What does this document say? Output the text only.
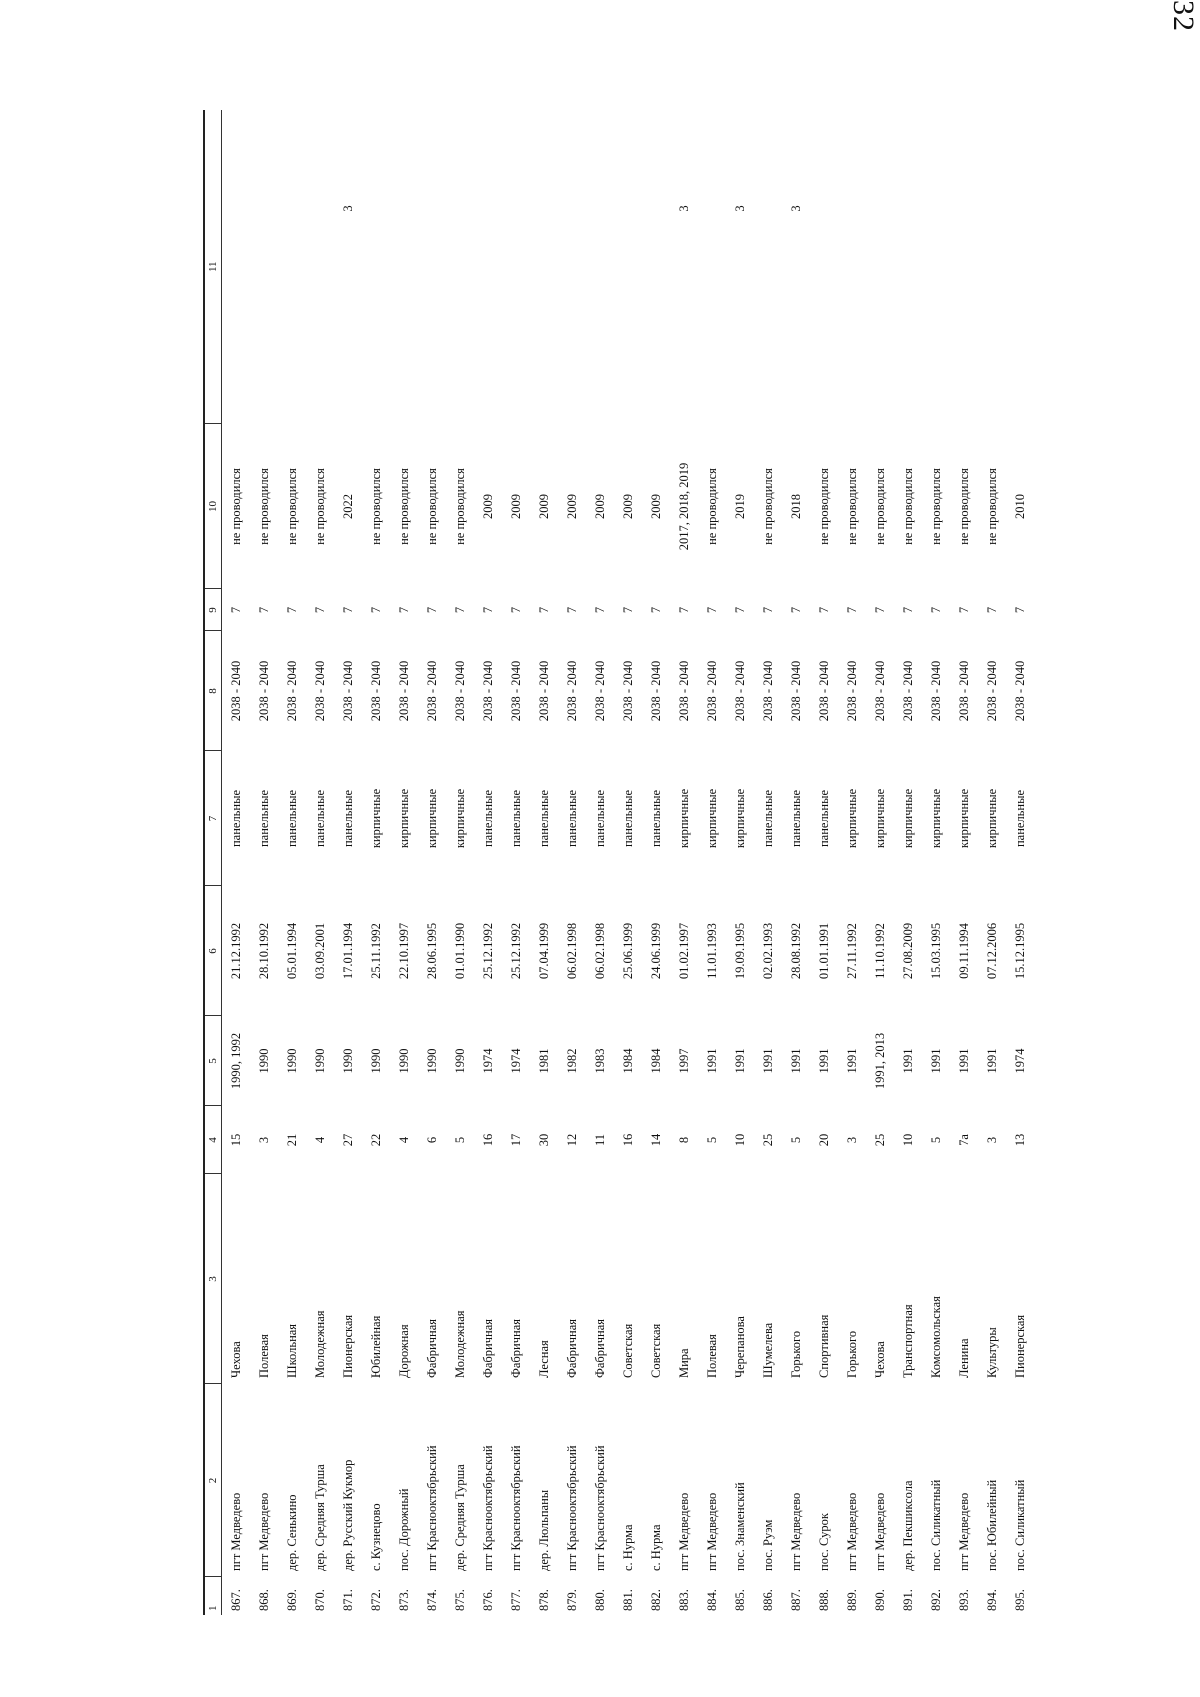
32
1	2	3	4	5	6	7	8	9	10	11
867.	пгт Медведево	Чехова	15	1990, 1992	21.12.1992	панельные	2038 - 2040	7	не проводился	
868.	пгт Медведево	Полевая	3	1990	28.10.1992	панельные	2038 - 2040	7	не проводился	
869.	дер. Сенькино	Школьная	21	1990	05.01.1994	панельные	2038 - 2040	7	не проводился	
870.	дер. Средняя Турша	Молодежная	4	1990	03.09.2001	панельные	2038 - 2040	7	не проводился	
871.	дер. Русский Кукмор	Пионерская	27	1990	17.01.1994	панельные	2038 - 2040	7	2022	3
872.	с. Кузнецово	Юбилейная	22	1990	25.11.1992	кирпичные	2038 - 2040	7	не проводился	
873.	пос. Дорожный	Дорожная	4	1990	22.10.1997	кирпичные	2038 - 2040	7	не проводился	
874.	пгт Краснооктябрьский	Фабричная	6	1990	28.06.1995	кирпичные	2038 - 2040	7	не проводился	
875.	дер. Средняя Турша	Молодежная	5	1990	01.01.1990	кирпичные	2038 - 2040	7	не проводился	
876.	пгт Краснооктябрьский	Фабричная	16	1974	25.12.1992	панельные	2038 - 2040	7	2009	
877.	пгт Краснооктябрьский	Фабричная	17	1974	25.12.1992	панельные	2038 - 2040	7	2009	
878.	дер. Люльпаны	Лесная	30	1981	07.04.1999	панельные	2038 - 2040	7	2009	
879.	пгт Краснооктябрьский	Фабричная	12	1982	06.02.1998	панельные	2038 - 2040	7	2009	
880.	пгт Краснооктябрьский	Фабричная	11	1983	06.02.1998	панельные	2038 - 2040	7	2009	
881.	с. Нурма	Советская	16	1984	25.06.1999	панельные	2038 - 2040	7	2009	
882.	с. Нурма	Советская	14	1984	24.06.1999	панельные	2038 - 2040	7	2009	
883.	пгт Медведево	Мира	8	1997	01.02.1997	кирпичные	2038 - 2040	7	2017, 2018, 2019	3
884.	пгт Медведево	Полевая	5	1991	11.01.1993	кирпичные	2038 - 2040	7	не проводился	
885.	пос. Знаменский	Черепанова	10	1991	19.09.1995	кирпичные	2038 - 2040	7	2019	3
886.	пос. Руэм	Шумелева	25	1991	02.02.1993	панельные	2038 - 2040	7	не проводился	
887.	пгт Медведево	Горького	5	1991	28.08.1992	панельные	2038 - 2040	7	2018	3
888.	пос. Сурок	Спортивная	20	1991	01.01.1991	панельные	2038 - 2040	7	не проводился	
889.	пгт Медведево	Горького	3	1991	27.11.1992	кирпичные	2038 - 2040	7	не проводился	
890.	пгт Медведево	Чехова	25	1991, 2013	11.10.1992	кирпичные	2038 - 2040	7	не проводился	
891.	дер. Пекшиксола	Транспортная	10	1991	27.08.2009	кирпичные	2038 - 2040	7	не проводился	
892.	пос. Силикатный	Комсомольская	5	1991	15.03.1995	кирпичные	2038 - 2040	7	не проводился	
893.	пгт Медведево	Ленина	7а	1991	09.11.1994	кирпичные	2038 - 2040	7	не проводился	
894.	пос. Юбилейный	Культуры	3	1991	07.12.2006	кирпичные	2038 - 2040	7	не проводился	
895.	пос. Силикатный	Пионерская	13	1974	15.12.1995	панельные	2038 - 2040	7	2010	
